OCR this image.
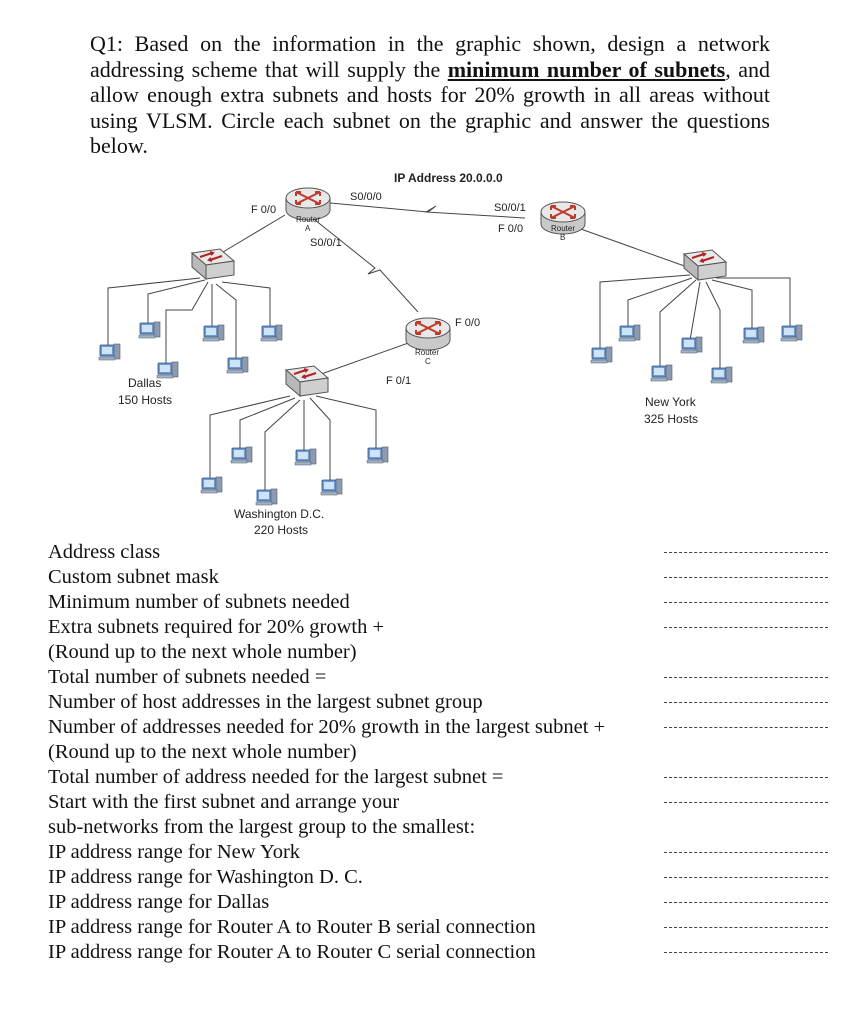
Q1: Based on the information in the graphic shown, design a network addressing scheme that will supply the minimum number of subnets, and allow enough extra subnets and hosts for 20% growth in all areas without using VLSM. Circle each subnet on the graphic and answer the questions below.
IP Address 20.0.0.0
Router
A
F 0/0
S0/0/0
S0/0/1
Router
B
S0/0/1
F 0/0
Router
C
F 0/0
F 0/1
Dallas
150 Hosts	New York
325 Hosts
Washington D.C.
220 Hosts
Address class
Custom subnet mask
Minimum number of subnets needed
Extra subnets required for 20% growth +
(Round up to the next whole number)
Total number of subnets needed =
Number of host addresses in the largest subnet group
Number of addresses needed for 20% growth in the largest subnet +
(Round up to the next whole number)
Total number of address needed for the largest subnet =
Start with the first subnet and arrange your
sub-networks from the largest group to the smallest:
IP address range for New York
IP address range for Washington D. C.
IP address range for Dallas
IP address range for Router A to Router B serial connection
IP address range for Router A to Router C serial connection
